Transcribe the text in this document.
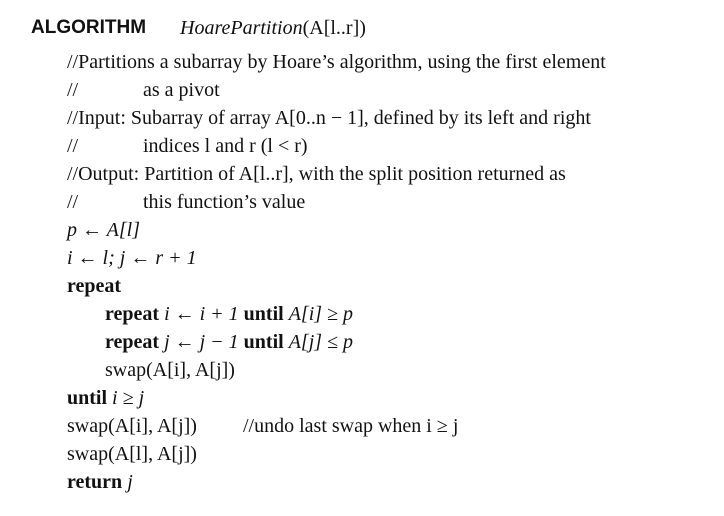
ALGORITHM HoarePartition(A[l..r])
//Partitions a subarray by Hoare’s algorithm, using the first element
//	as a pivot
//Input: Subarray of array A[0..n − 1], defined by its left and right
//	indices l and r (l < r)
//Output: Partition of A[l..r], with the split position returned as
//	this function’s value
p ← A[l]
i ← l; j ← r + 1
repeat
repeat i ← i + 1 until A[i] ≥ p
repeat j ← j − 1 until A[j] ≤ p
swap(A[i], A[j])
until i ≥ j
swap(A[i], A[j]) //undo last swap when i ≥ j
swap(A[l], A[j])
return j
